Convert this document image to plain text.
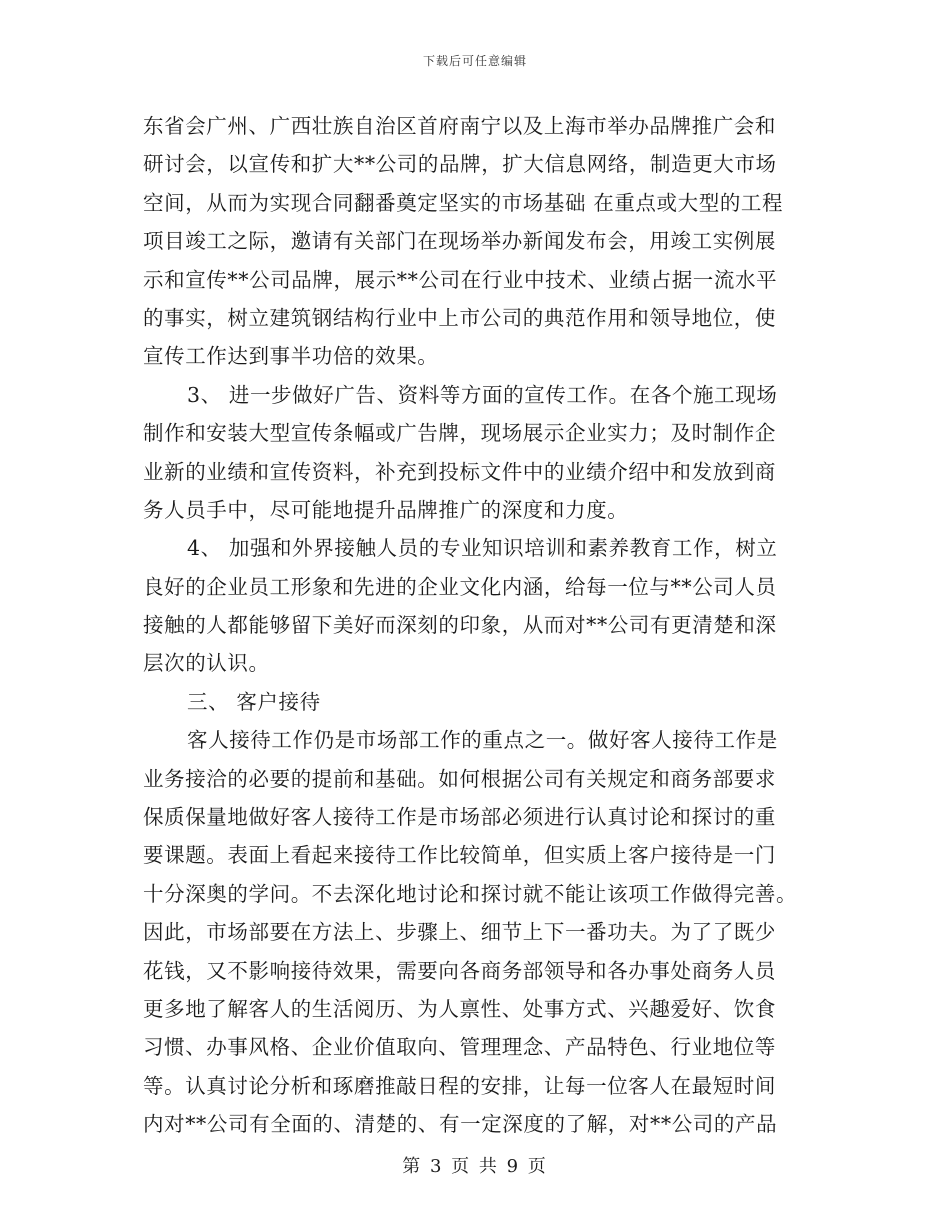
下载后可任意编辑
东省会广州、广西壮族自治区首府南宁以及上海市举办品牌推广会和
研讨会，以宣传和扩大**公司的品牌，扩大信息网络，制造更大市场
空间，从而为实现合同翻番奠定坚实的市场基础 在重点或大型的工程
项目竣工之际，邀请有关部门在现场举办新闻发布会，用竣工实例展
示和宣传**公司品牌，展示**公司在行业中技术、业绩占据一流水平
的事实，树立建筑钢结构行业中上市公司的典范作用和领导地位，使
宣传工作达到事半功倍的效果。
3、 进一步做好广告、资料等方面的宣传工作。在各个施工现场
制作和安装大型宣传条幅或广告牌，现场展示企业实力；及时制作企
业新的业绩和宣传资料，补充到投标文件中的业绩介绍中和发放到商
务人员手中，尽可能地提升品牌推广的深度和力度。
4、 加强和外界接触人员的专业知识培训和素养教育工作，树立
良好的企业员工形象和先进的企业文化内涵，给每一位与**公司人员
接触的人都能够留下美好而深刻的印象，从而对**公司有更清楚和深
层次的认识。
三、 客户接待
客人接待工作仍是市场部工作的重点之一。做好客人接待工作是
业务接洽的必要的提前和基础。如何根据公司有关规定和商务部要求
保质保量地做好客人接待工作是市场部必须进行认真讨论和探讨的重
要课题。表面上看起来接待工作比较简单，但实质上客户接待是一门
十分深奥的学问。不去深化地讨论和探讨就不能让该项工作做得完善。
因此，市场部要在方法上、步骤上、细节上下一番功夫。为了了既少
花钱，又不影响接待效果，需要向各商务部领导和各办事处商务人员
更多地了解客人的生活阅历、为人禀性、处事方式、兴趣爱好、饮食
习惯、办事风格、企业价值取向、管理理念、产品特色、行业地位等
等。认真讨论分析和琢磨推敲日程的安排，让每一位客人在最短时间
内对**公司有全面的、清楚的、有一定深度的了解，对**公司的产品
第 3 页 共 9 页
